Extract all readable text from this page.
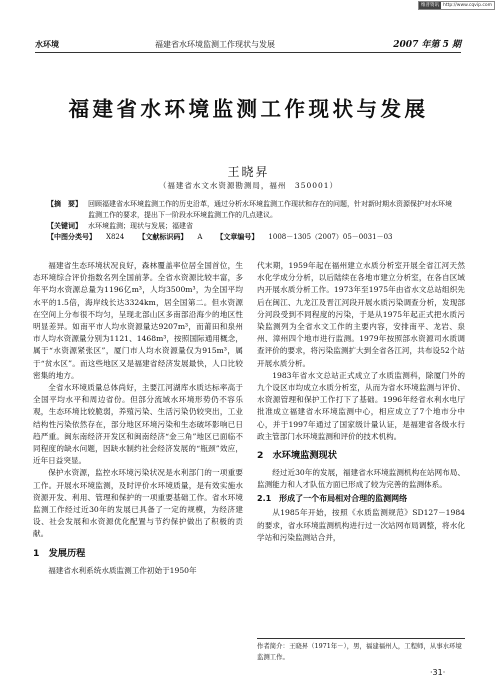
维普资讯 http://www.cqvip.com
水环境	福建省水环境监测工作现状与发展	2007 年第 5 期
福建省水环境监测工作现状与发展
王晓昇
（福建省水文水资源勘测局，福州　350001）
【摘　要】 回顾福建省水环境监测工作的历史沿革，通过分析水环境监测工作现状和存在的问题，针对新时期水资源保护对水环境监测工作的要求，提出下一阶段水环境监测工作的几点建议。
【关键词】 水环境监测；现状与发展；福建省
【中图分类号】 X824 【文献标识码】 A 【文章编号】 1008－1305（2007）05－0031－03

福建省生态环境状况良好，森林覆盖率位居全国首位，生态环境综合评价指数名列全国前茅。全省水资源比较丰富，多年平均水资源总量为1196亿m³，人均3500m³，为全国平均水平的1.5倍，海岸线长达3324km，居全国第二。但水资源在空间上分布很不均匀，呈现北部山区多南部沿海少的地区性明显差异。如南平市人均水资源量达9207m³，而莆田和泉州市人均水资源量分别为1121、1468m³，按照国际通用概念，属于“水资源紧张区”，厦门市人均水资源量仅为915m³，属于“贫水区”。而这些地区又是福建省经济发展最快，人口比较密集的地方。

全省水环境质量总体尚好，主要江河湖库水质达标率高于全国平均水平和周边省份。但部分流域水环境形势仍不容乐观，生态环境比较脆弱，养殖污染、生活污染仍较突出，工业结构性污染依然存在，部分地区环境污染和生态破坏影响已日趋严重。闽东南经济开发区和闽南经济“金三角”地区已面临不同程度的缺水问题，因缺水制约社会经济发展的“瓶颈”效应，近年日益突显。

保护水资源，监控水环境污染状况是水利部门的一项重要工作。开展水环境监测，及时评价水环境质量，是有效实施水资源开发、利用、管理和保护的一项重要基础工作。省水环境监测工作经过近30年的发展已具备了一定的规模，为经济建设、社会发展和水资源优化配置与节约保护做出了积极的贡献。

1　发展历程

福建省水利系统水质监测工作初始于1950年

代末期，1959年起在福州建立水质分析室开展全省江河天然水化学成分分析，以后陆续在各地市建立分析室，在各自区域内开展水质分析工作。1973年至1975年由省水文总站组织先后在闽江、九龙江及晋江河段开展水质污染调查分析，发现部分河段受到不同程度的污染，于是从1975年起正式把水质污染监测列为全省水文工作的主要内容，安排南平、龙岩、泉州、漳州四个地市进行监测。1979年按照部水资源司水质调查评价的要求，将污染监测扩大到全省各江河，共布设52个站开展水质分析。

1983年省水文总站正式成立了水质监测科，除厦门外的九个设区市均成立水质分析室，从而为省水环境监测与评价、水资源管理和保护工作打下了基础。1996年经省水利水电厅批准成立福建省水环境监测中心，相应成立了7个地市分中心，并于1997年通过了国家级计量认证，是福建省各级水行政主管部门水环境监测和评价的技术机构。

2　水环境监测现状

经过近30年的发展，福建省水环境监测机构在站网布局、监测能力和人才队伍方面已形成了较为完善的监测体系。

2.1　形成了一个布局相对合理的监测网络

从1985年开始，按照《水质监测规范》SD127－1984的要求，省水环境监测机构进行过一次站网布局调整，将水化学站和污染监测站合并，

作者简介：王晓昇（1971年－），男，福建福州人，工程师，从事水环境监测工作。
·31·
